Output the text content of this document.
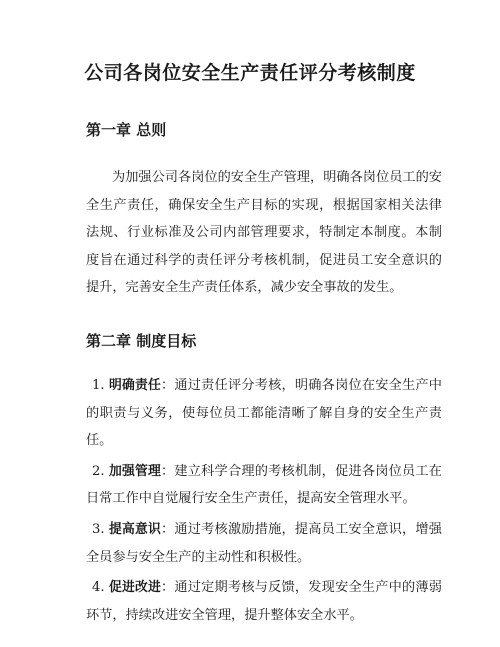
公司各岗位安全生产责任评分考核制度
第一章 总则
为加强公司各岗位的安全生产管理，明确各岗位员工的安全生产责任，确保安全生产目标的实现，根据国家相关法律法规、行业标准及公司内部管理要求，特制定本制度。本制度旨在通过科学的责任评分考核机制，促进员工安全意识的提升，完善安全生产责任体系，减少安全事故的发生。
第二章 制度目标
1. 明确责任：通过责任评分考核，明确各岗位在安全生产中的职责与义务，使每位员工都能清晰了解自身的安全生产责任。
2. 加强管理：建立科学合理的考核机制，促进各岗位员工在日常工作中自觉履行安全生产责任，提高安全管理水平。
3. 提高意识：通过考核激励措施，提高员工安全意识，增强全员参与安全生产的主动性和积极性。
4. 促进改进：通过定期考核与反馈，发现安全生产中的薄弱环节，持续改进安全管理，提升整体安全水平。
